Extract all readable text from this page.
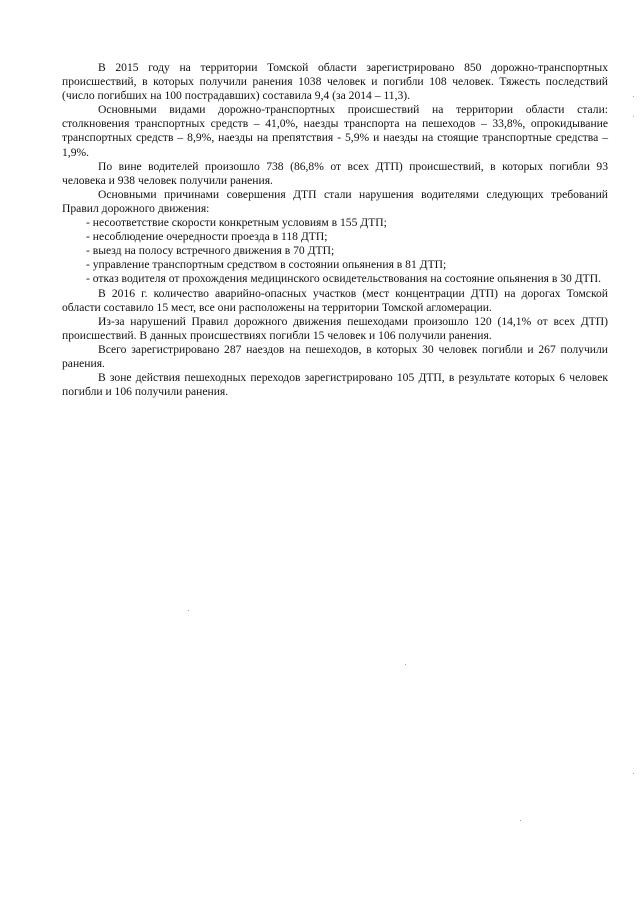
В 2015 году на территории Томской области зарегистрировано 850 дорожно-транспортных происшествий, в которых получили ранения 1038 человек и погибли 108 человек. Тяжесть последствий (число погибших на 100 пострадавших) составила 9,4 (за 2014 – 11,3).

Основными видами дорожно-транспортных происшествий на территории области стали: столкновения транспортных средств – 41,0%, наезды транспорта на пешеходов – 33,8%, опрокидывание транспортных средств – 8,9%, наезды на препятствия - 5,9% и наезды на стоящие транспортные средства – 1,9%.

По вине водителей произошло 738 (86,8% от всех ДТП) происшествий, в которых погибли 93 человека и 938 человек получили ранения.

Основными причинами совершения ДТП стали нарушения водителями следующих требований Правил дорожного движения:

- несоответствие скорости конкретным условиям в 155 ДТП;

- несоблюдение очередности проезда в 118 ДТП;

- выезд на полосу встречного движения в 70 ДТП;

- управление транспортным средством в состоянии опьянения в 81 ДТП;

- отказ водителя от прохождения медицинского освидетельствования на состояние опьянения в 30 ДТП.

В 2016 г. количество аварийно-опасных участков (мест концентрации ДТП) на дорогах Томской области составило 15 мест, все они расположены на территории Томской агломерации.

Из-за нарушений Правил дорожного движения пешеходами произошло 120 (14,1% от всех ДТП) происшествий. В данных происшествиях погибли 15 человек и 106 получили ранения.

Всего зарегистрировано 287 наездов на пешеходов, в которых 30 человек погибли и 267 получили ранения.

В зоне действия пешеходных переходов зарегистрировано 105 ДТП, в результате которых 6 человек погибли и 106 получили ранения.
